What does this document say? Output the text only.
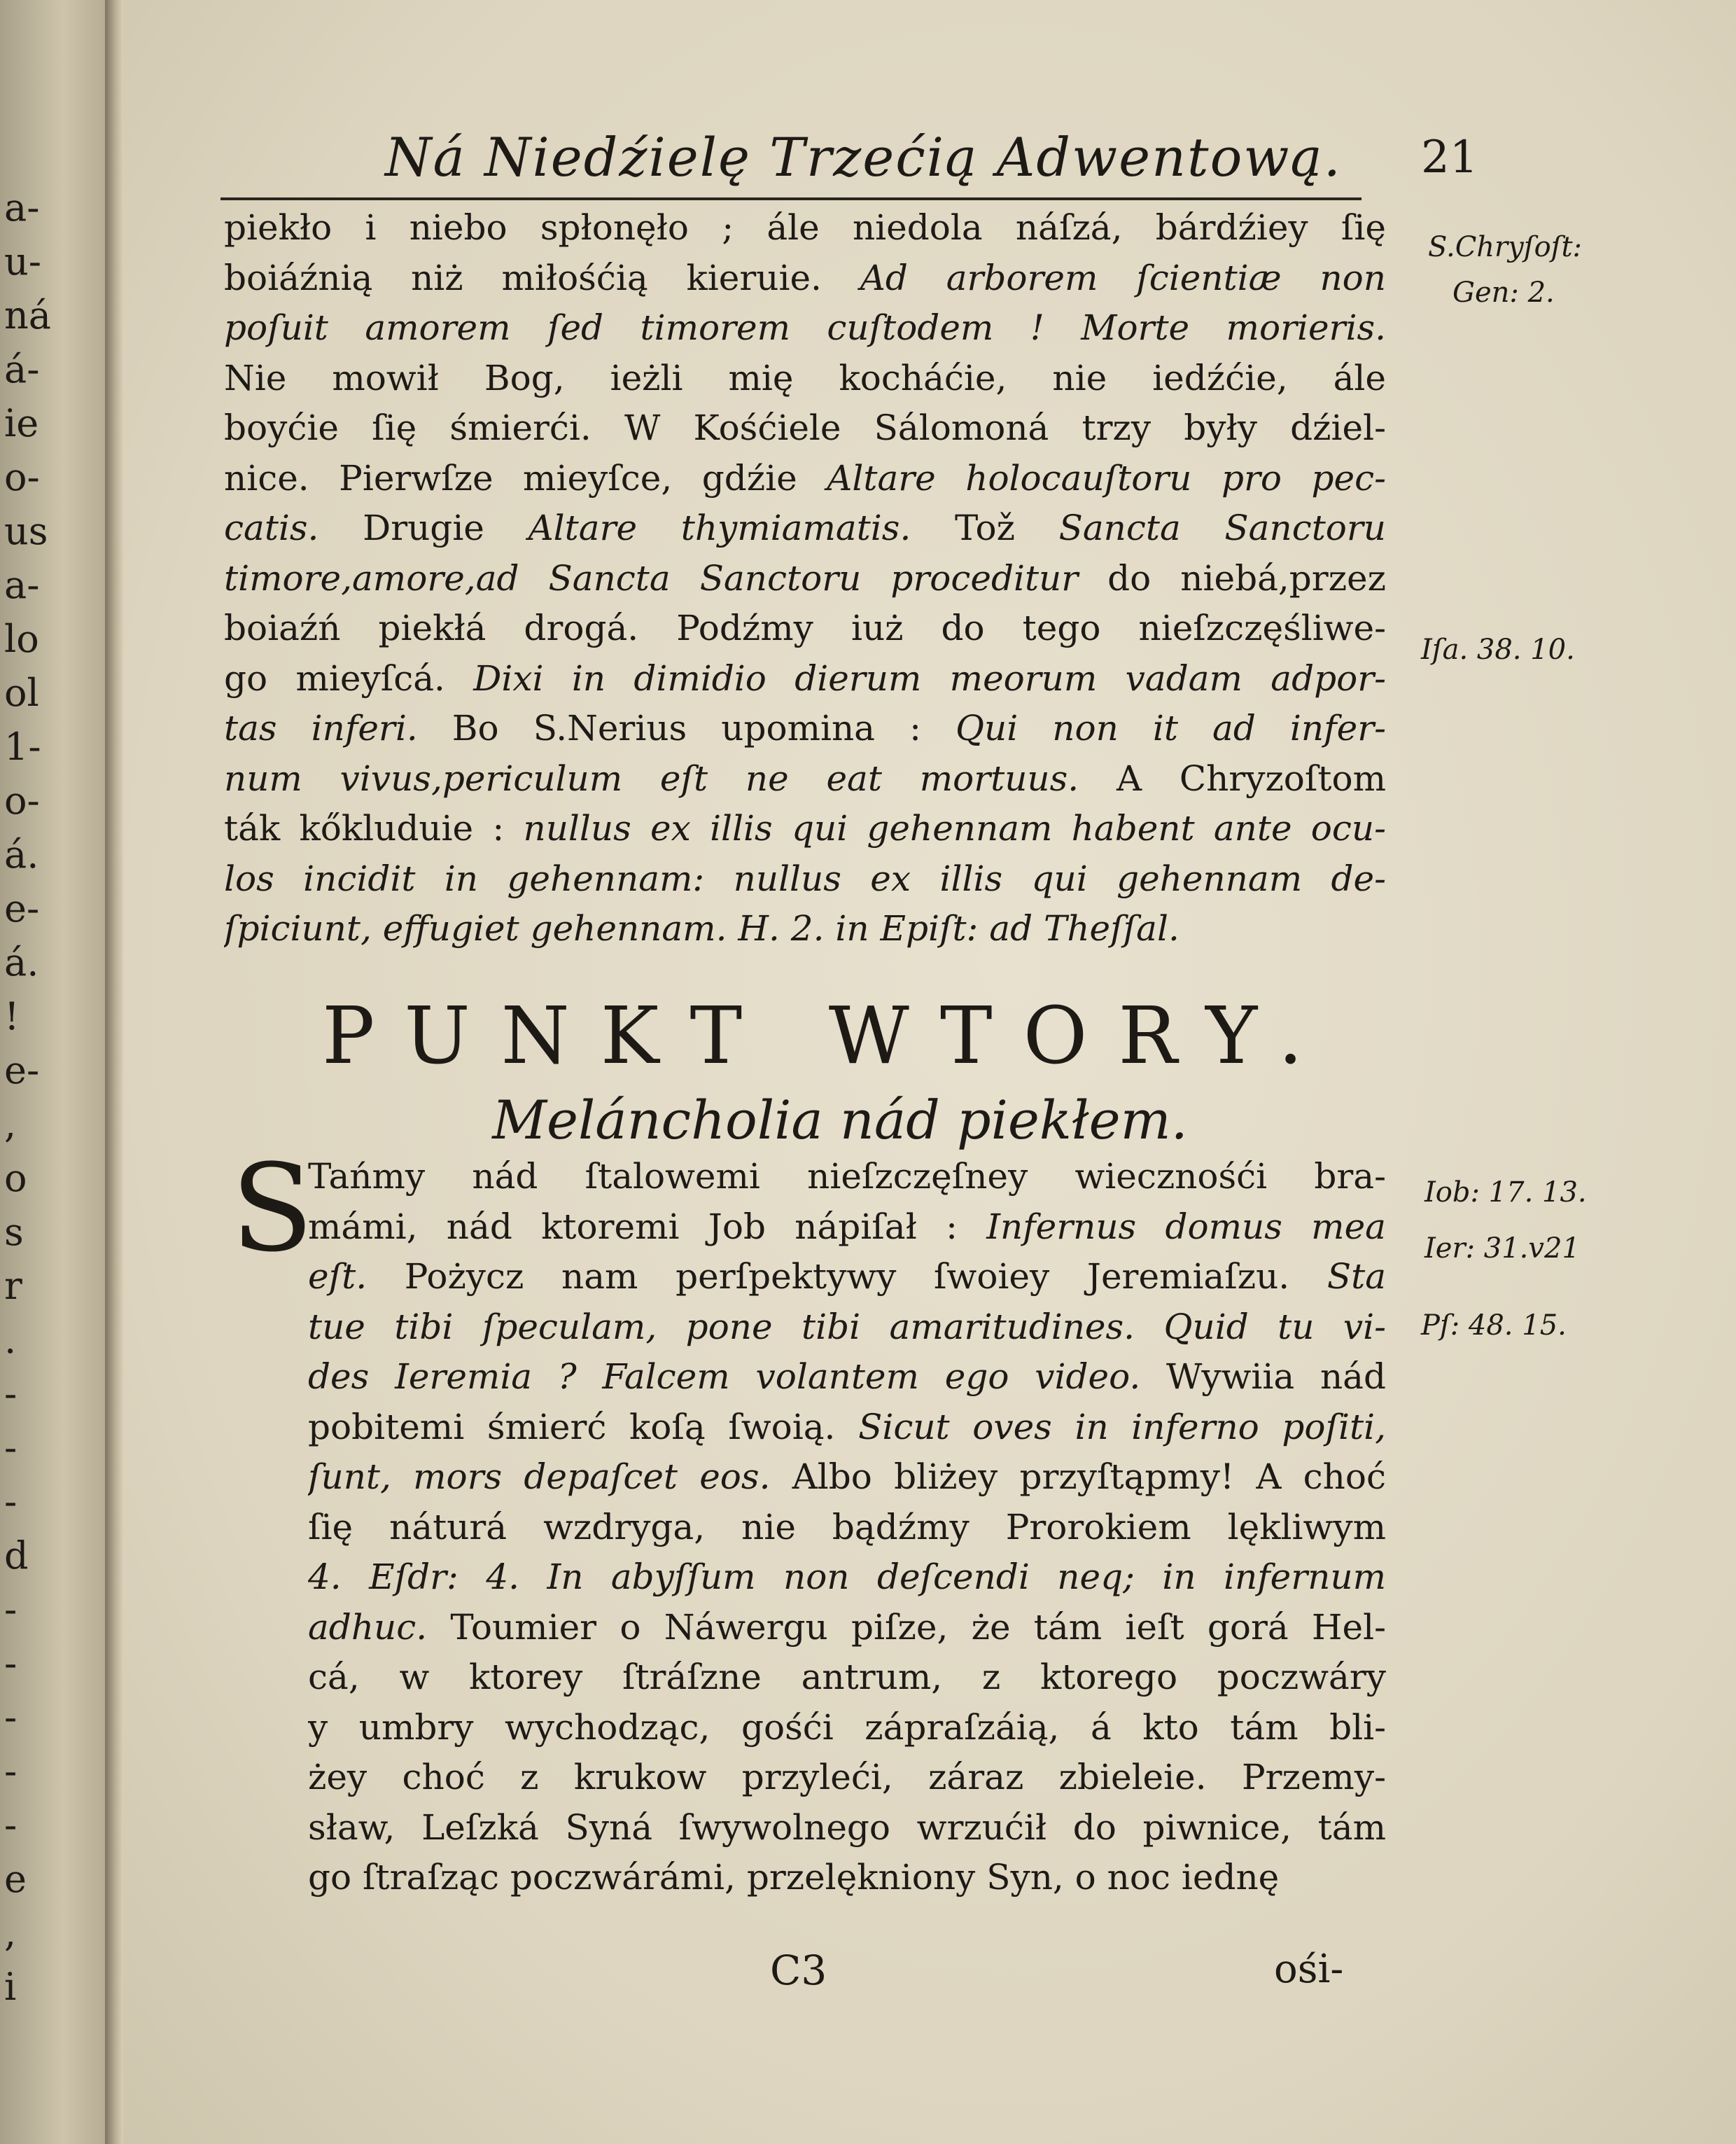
a-
u-
ná
á-
ie
o-
us
a-
lo
ol
1-
o-
á.
e-
á.
!
e-
,
o
s
r
.
-
-
-
d
-
-
-
-
-
e
,
i
Ná Niedźielę Trzećią Adwentową. 21
piekło i niebo spłonęło ; ále niedola náſzá, bárdźiey ſię
boiáźnią niż miłośćią kieruie. Ad arborem ſcientiæ non
poſuit amorem ſed timorem cuſtodem ! Morte morieris.
Nie mowił Bog, ieżli mię kocháćie, nie iedźćie, ále
boyćie ſię śmierći. W Kośćiele Sálomoná trzy były dźiel-
nice. Pierwſze mieyſce, gdźie Altare holocauſtoru pro pec-
catis. Drugie Altare thymiamatis. Tož Sancta Sanctoru
timore,amore,ad Sancta Sanctoru proceditur do niebá,przez
boiaźń piekłá drogá. Podźmy iuż do tego nieſzczęśliwe-
go mieyſcá. Dixi in dimidio dierum meorum vadam adpor-
tas inferi. Bo S.Nerius upomina : Qui non it ad infer-
num vivus,periculum eſt ne eat mortuus. A Chryzoſtom
ták kőkluduie : nullus ex illis qui gehennam habent ante ocu-
los incidit in gehennam: nullus ex illis qui gehennam de-
ſpiciunt, effugiet gehennam. H. 2. in Epiſt: ad Theſſal.
PUNKT WTORY.
Meláncholia nád piekłem.
S
Tańmy nád ſtalowemi nieſzczęſney wiecznośći bra-
mámi, nád ktoremi Job nápiſał : Infernus domus mea
eſt. Pożycz nam perſpektywy ſwoiey Jeremiaſzu. Sta
tue tibi ſpeculam, pone tibi amaritudines. Quid tu vi-
des Ieremia ? Falcem volantem ego video. Wywiia nád
pobitemi śmierć koſą ſwoią. Sicut oves in inferno poſiti,
ſunt, mors depaſcet eos. Albo bliżey przyſtąpmy! A choć
ſię náturá wzdryga, nie bądźmy Prorokiem lękliwym
4. Eſdr: 4. In abyſſum non deſcendi neq; in infernum
adhuc. Toumier o Náwergu piſze, że tám ieſt gorá Hel-
cá, w ktorey ſtráſzne antrum, z ktorego poczwáry
y umbry wychodząc, gośći zápraſzáią, á kto tám bli-
żey choć z krukow przyleći, záraz zbieleie. Przemy-
sław, Leſzká Syná ſwywolnego wrzućił do piwnice, tám
go ſtraſząc poczwárámi, przelękniony Syn, o noc iednę
S.Chryſoſt:
Gen: 2.
Iſa. 38. 10.
Iob: 17. 13.
Ier: 31.v21
Pſ: 48. 15.
C3	ośi-
